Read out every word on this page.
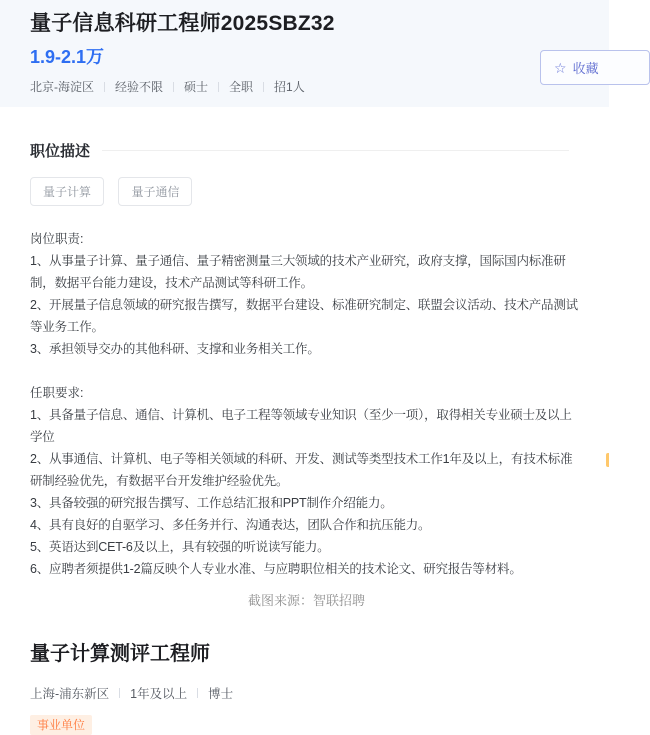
量子信息科研工程师2025SBZ32
1.9-2.1万
北京-海淀区 经验不限 硕士 全职 招1人
☆ 收藏
职位描述
量子计算	量子通信

岗位职责:

1、从事量子计算、量子通信、量子精密测量三大领域的技术产业研究，政府支撑，国际国内标准研制，数据平台能力建设，技术产品测试等科研工作。

2、开展量子信息领域的研究报告撰写，数据平台建设、标准研究制定、联盟会议活动、技术产品测试等业务工作。

3、承担领导交办的其他科研、支撑和业务相关工作。

任职要求:

1、具备量子信息、通信、计算机、电子工程等领域专业知识（至少一项），取得相关专业硕士及以上学位

2、从事通信、计算机、电子等相关领域的科研、开发、测试等类型技术工作1年及以上，有技术标准研制经验优先，有数据平台开发维护经验优先。

3、具备较强的研究报告撰写、工作总结汇报和PPT制作介绍能力。

4、具有良好的自驱学习、多任务并行、沟通表达，团队合作和抗压能力。

5、英语达到CET-6及以上，具有较强的听说读写能力。

6、应聘者须提供1-2篇反映个人专业水准、与应聘职位相关的技术论文、研究报告等材料。

截图来源：智联招聘
量子计算测评工程师
上海-浦东新区 1年及以上 博士
事业单位
